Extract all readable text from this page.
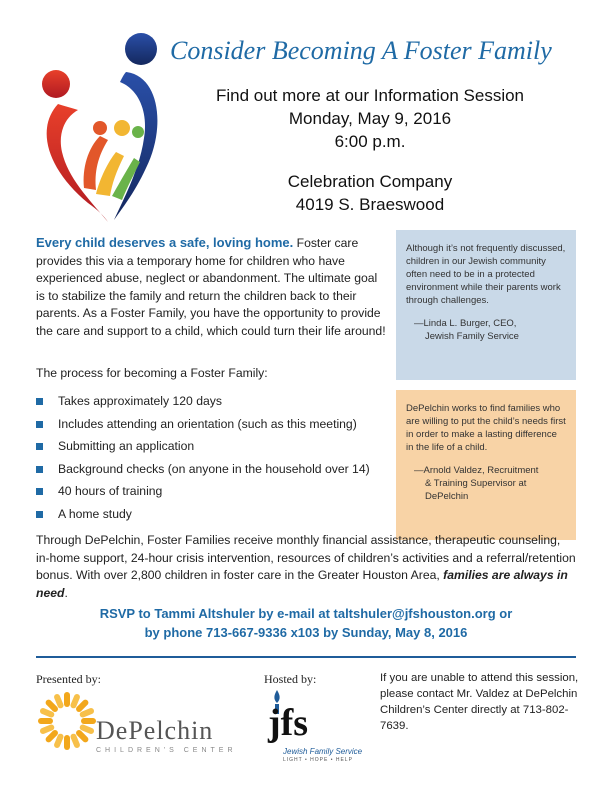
Consider Becoming A Foster Family
Find out more at our Information Session
Monday, May 9, 2016
6:00 p.m.
Celebration Company
4019 S. Braeswood
Every child deserves a safe, loving home. Foster care provides this via a temporary home for children who have experienced abuse, neglect or abandonment. The ultimate goal is to stabilize the family and return the children back to their parents. As a Foster Family, you have the opportunity to provide the care and support to a child, which could turn their life around!
Although it’s not frequently discussed, children in our Jewish community often need to be in a protected environment while their parents work through challenges.
—Linda L. Burger, CEO,
Jewish Family Service
DePelchin works to find families who are willing to put the child’s needs first in order to make a lasting difference in the life of a child.
—Arnold Valdez, Recruitment
& Training Supervisor at
DePelchin
The process for becoming a Foster Family:
Takes approximately 120 days
Includes attending an orientation (such as this meeting)
Submitting an application
Background checks (on anyone in the household over 14)
40 hours of training
A home study
Through DePelchin, Foster Families receive monthly financial assistance, therapeutic counseling, in-home support, 24-hour crisis intervention, resources of children’s activities and a referral/retention bonus. With over 2,800 children in foster care in the Greater Houston Area, families are always in need.
RSVP to Tammi Altshuler by e-mail at taltshuler@jfshouston.org or
by phone 713-667-9336 x103 by Sunday, May 8, 2016
Presented by:
DePelchin
CHILDREN'S CENTER
Hosted by:
jfs
Jewish Family Service
LIGHT • HOPE • HELP
If you are unable to attend this session, please contact Mr. Valdez at DePelchin Children’s Center directly at 713-802-7639.
